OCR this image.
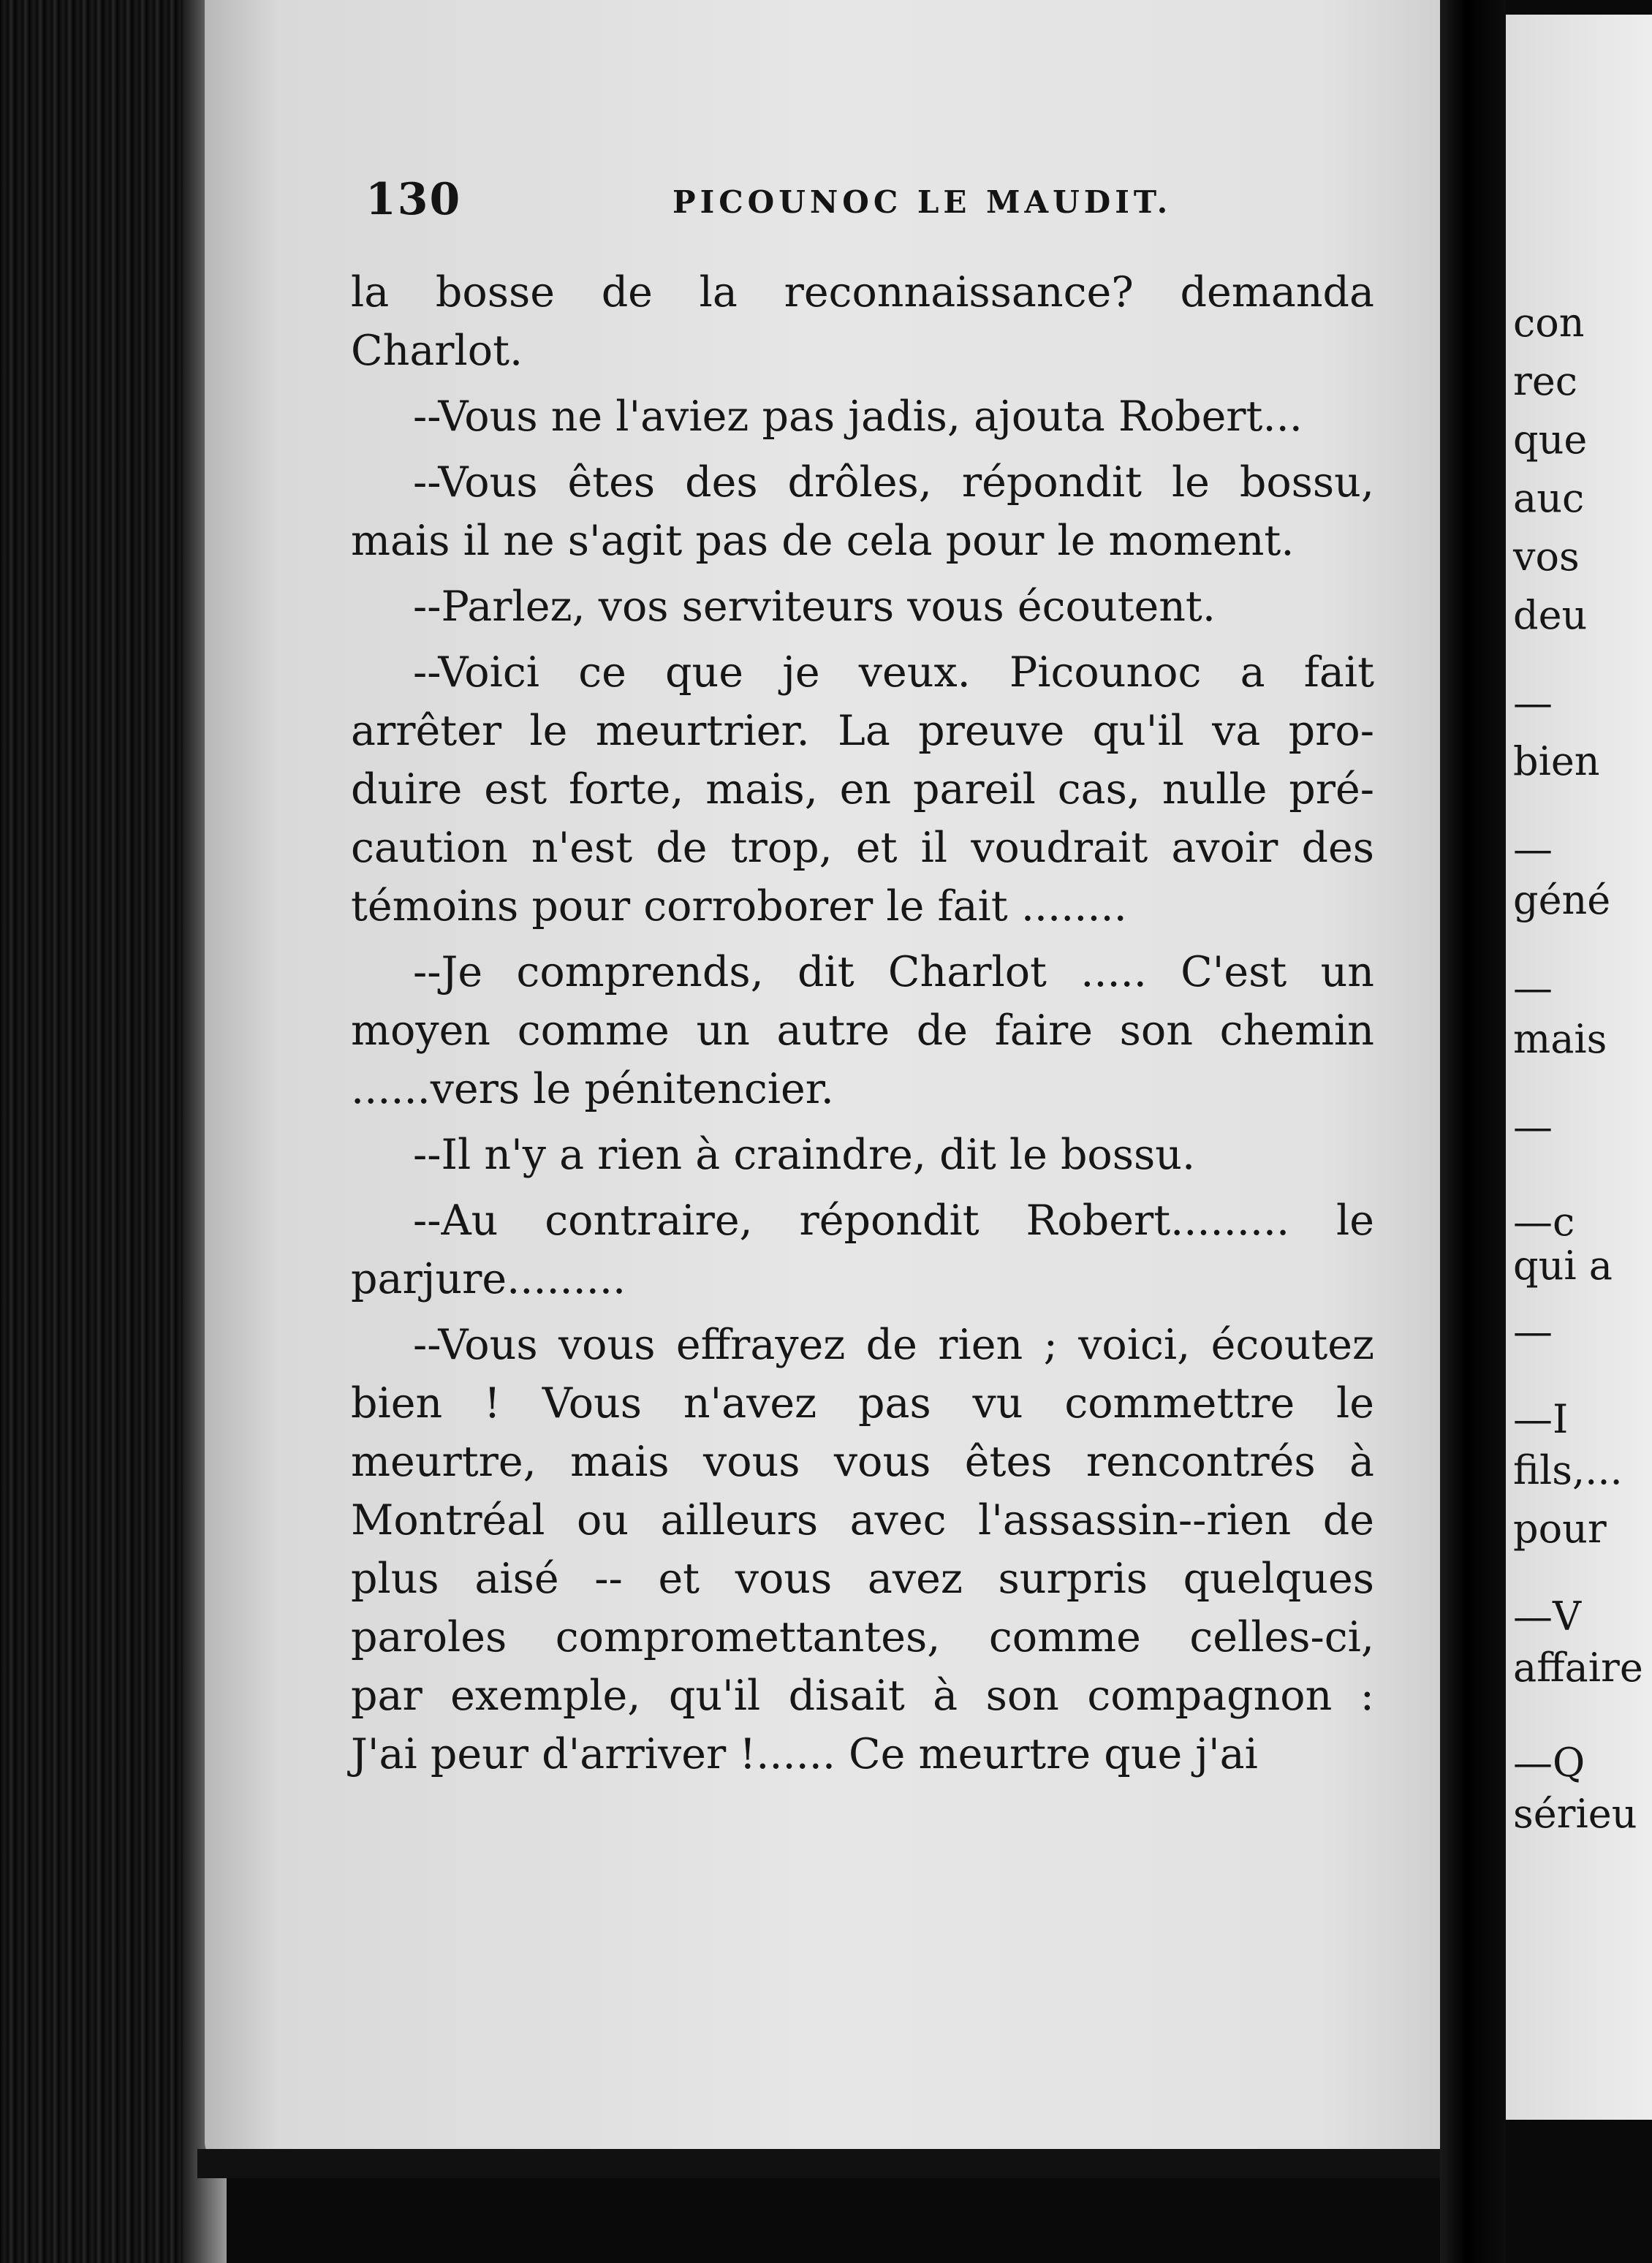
130	PICOUNOC LE MAUDIT.
la bosse de la reconnaissance? demanda
Charlot.
--Vous ne l'aviez pas jadis, ajouta Robert...
--Vous êtes des drôles, répondit le bossu,
mais il ne s'agit pas de cela pour le moment.
--Parlez, vos serviteurs vous écoutent.
--Voici ce que je veux. Picounoc a fait
arrêter le meurtrier. La preuve qu'il va pro-
duire est forte, mais, en pareil cas, nulle pré-
caution n'est de trop, et il voudrait avoir des
témoins pour corroborer le fait ........
--Je comprends, dit Charlot ..... C'est un
moyen comme un autre de faire son chemin
......vers le pénitencier.
--Il n'y a rien à craindre, dit le bossu.
--Au contraire, répondit Robert......... le
parjure.........
--Vous vous effrayez de rien ; voici, écoutez
bien ! Vous n'avez pas vu commettre le
meurtre, mais vous vous êtes rencontrés à
Montréal ou ailleurs avec l'assassin--rien de
plus aisé -- et vous avez surpris quelques
paroles compromettantes, comme celles-ci,
par exemple, qu'il disait à son compagnon :
J'ai peur d'arriver !...... Ce meurtre que j'ai
con
rec
que
auc
vos
deu
—
bien
—
géné
—
mais
—
—c
qui a
—
—I
fils,...
pour
—V
affaire
—Q
sérieu
